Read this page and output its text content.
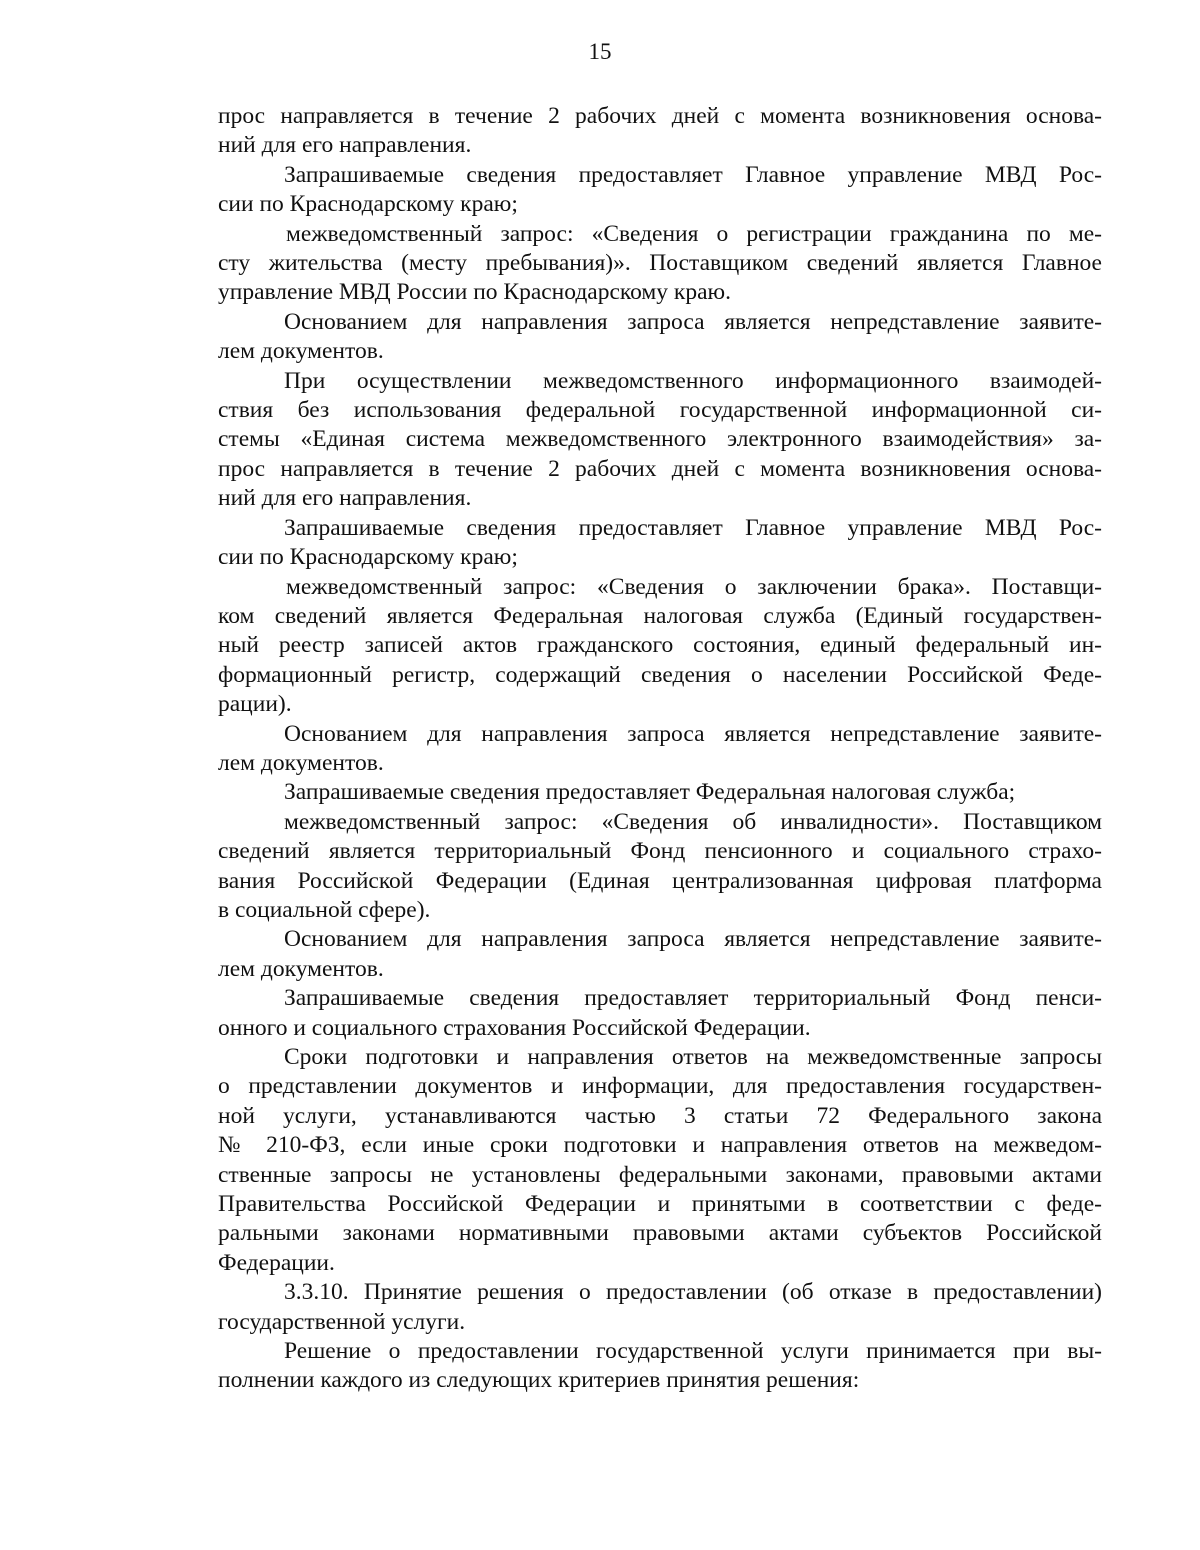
15
прос направляется в течение 2 рабочих дней с момента возникновения основа-
ний для его направления.
Запрашиваемые сведения предоставляет Главное управление МВД Рос-
сии по Краснодарскому краю;
межведомственный запрос: «Сведения о регистрации гражданина по ме-
сту жительства (месту пребывания)». Поставщиком сведений является Главное
управление МВД России по Краснодарскому краю.
Основанием для направления запроса является непредставление заявите-
лем документов.
При осуществлении межведомственного информационного взаимодей-
ствия без использования федеральной государственной информационной си-
стемы «Единая система межведомственного электронного взаимодействия» за-
прос направляется в течение 2 рабочих дней с момента возникновения основа-
ний для его направления.
Запрашиваемые сведения предоставляет Главное управление МВД Рос-
сии по Краснодарскому краю;
межведомственный запрос: «Сведения о заключении брака». Поставщи-
ком сведений является Федеральная налоговая служба (Единый государствен-
ный реестр записей актов гражданского состояния, единый федеральный ин-
формационный регистр, содержащий сведения о населении Российской Феде-
рации).
Основанием для направления запроса является непредставление заявите-
лем документов.
Запрашиваемые сведения предоставляет Федеральная налоговая служба;
межведомственный запрос: «Сведения об инвалидности». Поставщиком
сведений является территориальный Фонд пенсионного и социального страхо-
вания Российской Федерации (Единая централизованная цифровая платформа
в социальной сфере).
Основанием для направления запроса является непредставление заявите-
лем документов.
Запрашиваемые сведения предоставляет территориальный Фонд пенси-
онного и социального страхования Российской Федерации.
Сроки подготовки и направления ответов на межведомственные запросы
о представлении документов и информации, для предоставления государствен-
ной услуги, устанавливаются частью 3 статьи 72 Федерального закона
№ 210-ФЗ, если иные сроки подготовки и направления ответов на межведом-
ственные запросы не установлены федеральными законами, правовыми актами
Правительства Российской Федерации и принятыми в соответствии с феде-
ральными законами нормативными правовыми актами субъектов Российской
Федерации.
3.3.10. Принятие решения о предоставлении (об отказе в предоставлении)
государственной услуги.
Решение о предоставлении государственной услуги принимается при вы-
полнении каждого из следующих критериев принятия решения:
